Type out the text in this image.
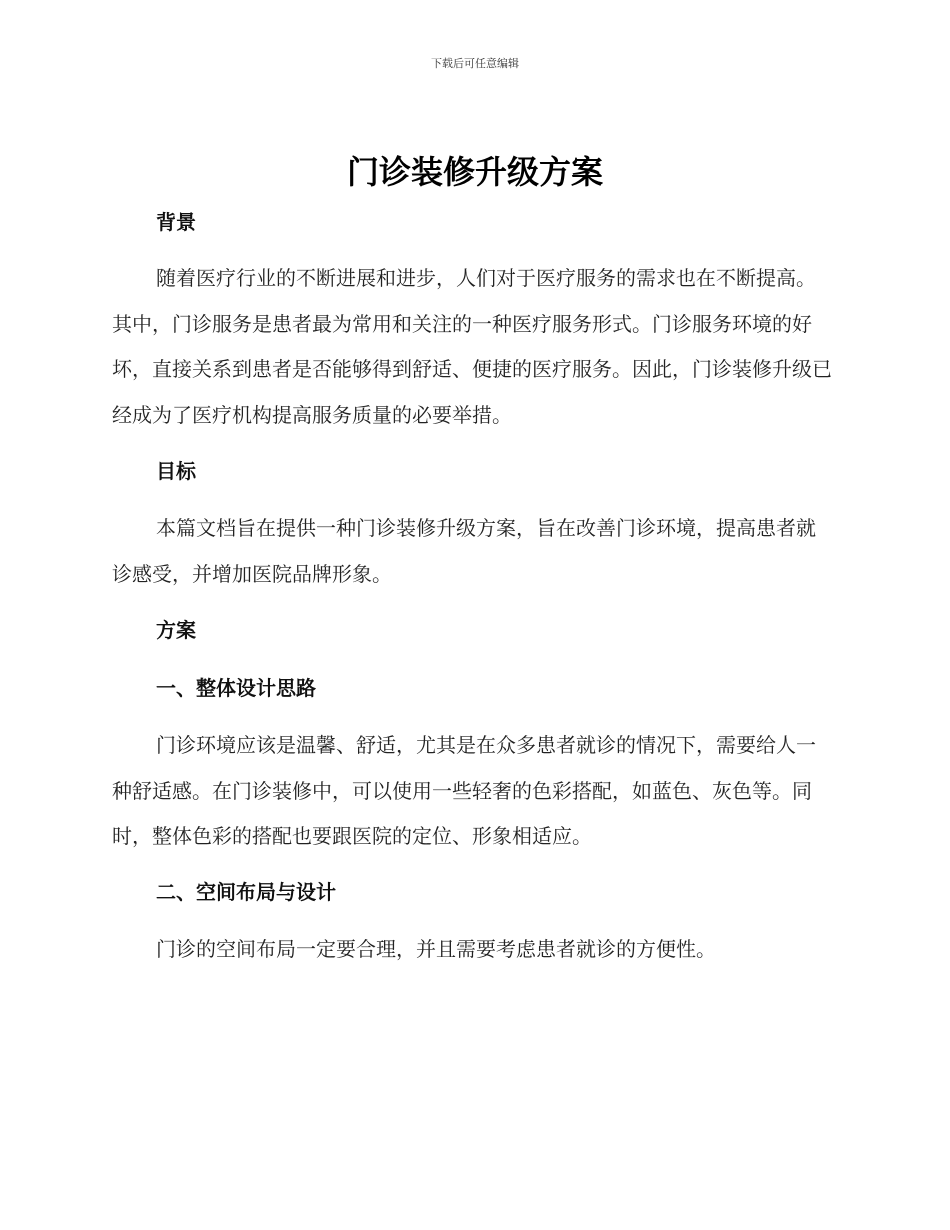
下载后可任意编辑
门诊装修升级方案
背景

随着医疗行业的不断进展和进步，人们对于医疗服务的需求也在不断提高。其中，门诊服务是患者最为常用和关注的一种医疗服务形式。门诊服务环境的好坏，直接关系到患者是否能够得到舒适、便捷的医疗服务。因此，门诊装修升级已经成为了医疗机构提高服务质量的必要举措。

目标

本篇文档旨在提供一种门诊装修升级方案，旨在改善门诊环境，提高患者就诊感受，并增加医院品牌形象。

方案
一、整体设计思路

门诊环境应该是温馨、舒适，尤其是在众多患者就诊的情况下，需要给人一种舒适感。在门诊装修中，可以使用一些轻奢的色彩搭配，如蓝色、灰色等。同时，整体色彩的搭配也要跟医院的定位、形象相适应。

二、空间布局与设计

门诊的空间布局一定要合理，并且需要考虑患者就诊的方便性。
